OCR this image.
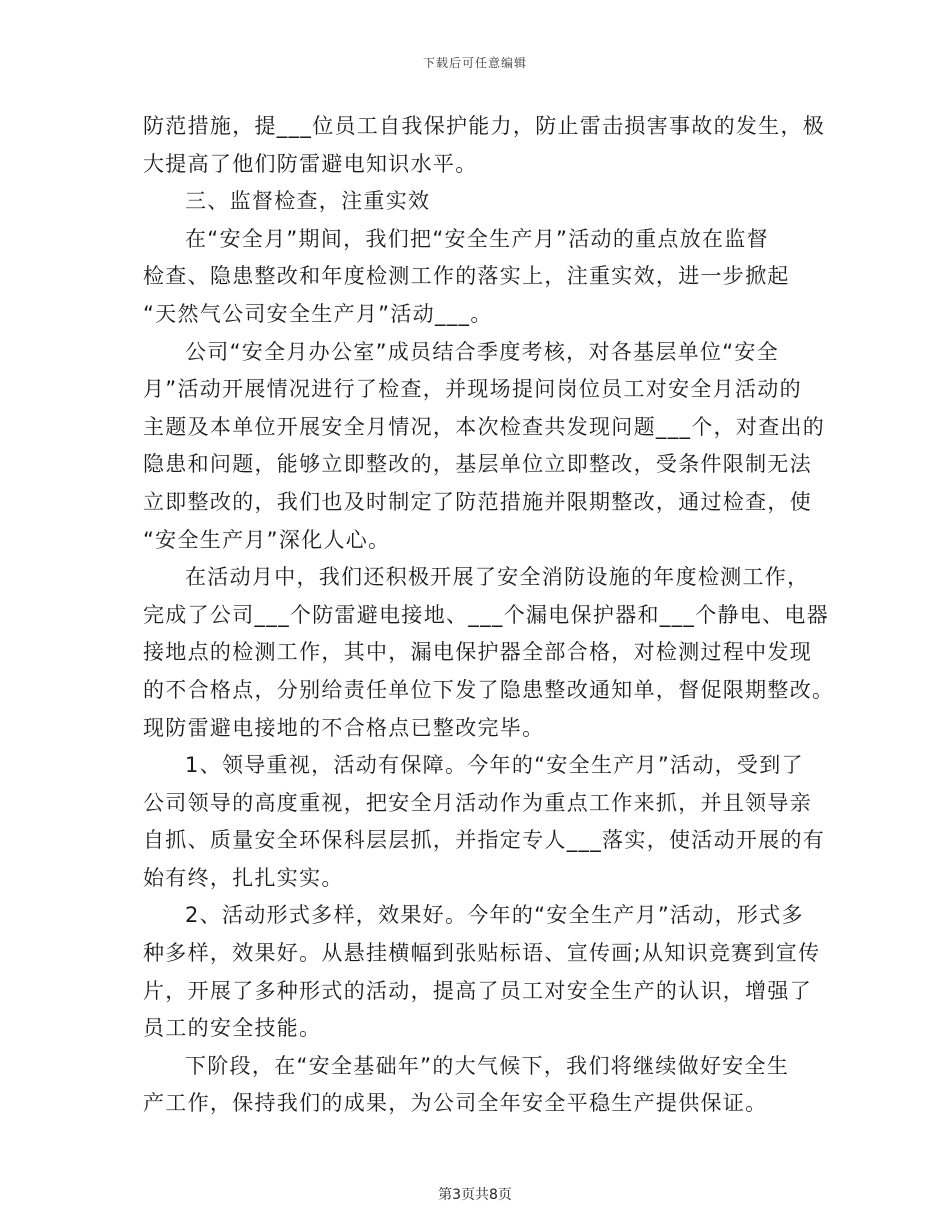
下载后可任意编辑
防范措施，提___位员工自我保护能力，防止雷击损害事故的发生，极
大提高了他们防雷避电知识水平。
三、监督检查，注重实效
在“安全月”期间，我们把“安全生产月”活动的重点放在监督
检查、隐患整改和年度检测工作的落实上，注重实效，进一步掀起
“天然气公司安全生产月”活动___。
公司“安全月办公室”成员结合季度考核，对各基层单位“安全
月”活动开展情况进行了检查，并现场提问岗位员工对安全月活动的
主题及本单位开展安全月情况，本次检查共发现问题___个，对查出的
隐患和问题，能够立即整改的，基层单位立即整改，受条件限制无法
立即整改的，我们也及时制定了防范措施并限期整改，通过检查，使
“安全生产月”深化人心。
在活动月中，我们还积极开展了安全消防设施的年度检测工作，
完成了公司___个防雷避电接地、___个漏电保护器和___个静电、电器
接地点的检测工作，其中，漏电保护器全部合格，对检测过程中发现
的不合格点，分别给责任单位下发了隐患整改通知单，督促限期整改。
现防雷避电接地的不合格点已整改完毕。
1、领导重视，活动有保障。今年的“安全生产月”活动，受到了
公司领导的高度重视，把安全月活动作为重点工作来抓，并且领导亲
自抓、质量安全环保科层层抓，并指定专人___落实，使活动开展的有
始有终，扎扎实实。
2、活动形式多样，效果好。今年的“安全生产月”活动，形式多
种多样，效果好。从悬挂横幅到张贴标语、宣传画;从知识竞赛到宣传
片，开展了多种形式的活动，提高了员工对安全生产的认识，增强了
员工的安全技能。
下阶段，在“安全基础年”的大气候下，我们将继续做好安全生
产工作，保持我们的成果，为公司全年安全平稳生产提供保证。
第3页共8页
